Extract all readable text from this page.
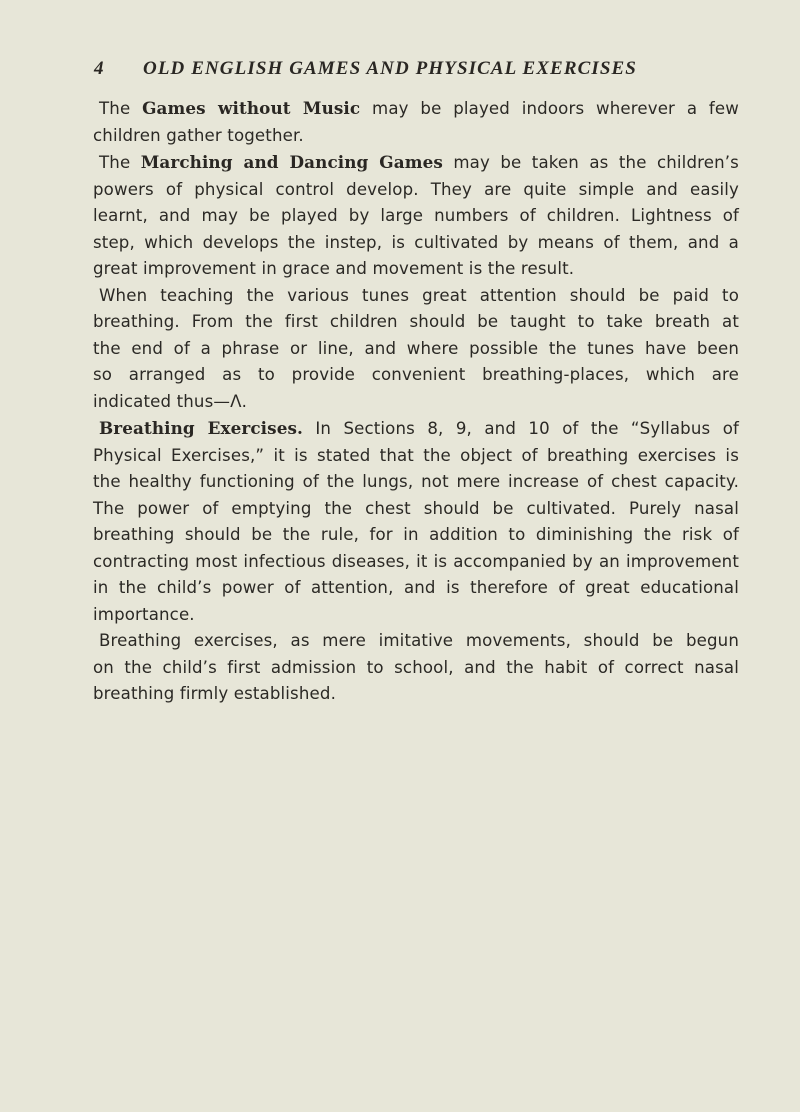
4 OLD ENGLISH GAMES AND PHYSICAL EXERCISES
The Games without Music may be played indoors wherever a few
children gather together.
The Marching and Dancing Games may be taken as the children’s
powers of physical control develop. They are quite simple and easily
learnt, and may be played by large numbers of children. Lightness of
step, which develops the instep, is cultivated by means of them, and a
great improvement in grace and movement is the result.
When teaching the various tunes great attention should be paid to
breathing. From the first children should be taught to take breath at
the end of a phrase or line, and where possible the tunes have been
so arranged as to provide convenient breathing-places, which are
indicated thus—Λ.
Breathing Exercises. In Sections 8, 9, and 10 of the “Syllabus of
Physical Exercises,” it is stated that the object of breathing exercises is
the healthy functioning of the lungs, not mere increase of chest capacity.
The power of emptying the chest should be cultivated. Purely nasal
breathing should be the rule, for in addition to diminishing the risk of
contracting most infectious diseases, it is accompanied by an improvement
in the child’s power of attention, and is therefore of great educational
importance.
Breathing exercises, as mere imitative movements, should be begun
on the child’s first admission to school, and the habit of correct nasal
breathing firmly established.
